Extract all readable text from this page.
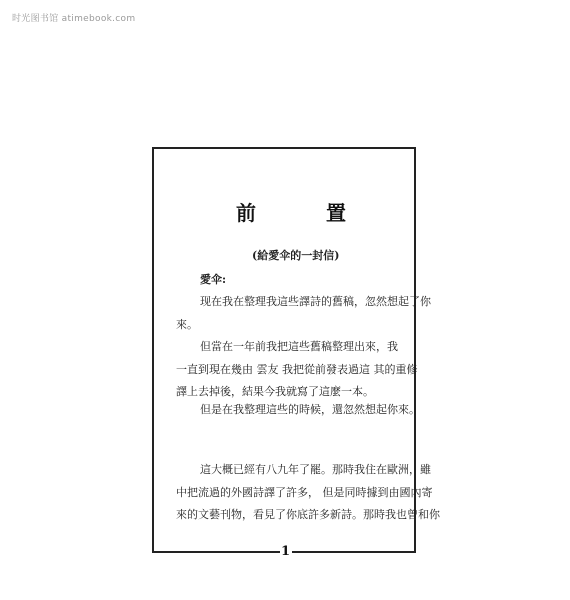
时光图书馆 atimebook.com
前	置
(給愛伞的一封信)
愛伞:
现在我在整理我這些譯詩的舊稿，忽然想起了你
來。
但當在一年前我把這些舊稿整理出來，我
一直到現在幾由 雲友 我把從前發表過這 其的重修
譯上去掉後，結果今我就寫了這麼一本。
但是在我整理這些的時候，還忽然想起你來。
這大概已經有八九年了罷。那時我住在歐洲，雖
中把流過的外國詩譯了許多， 但是同時據到由國內寄
來的文藝刊物，看見了你底許多新詩。那時我也曾和你
1
